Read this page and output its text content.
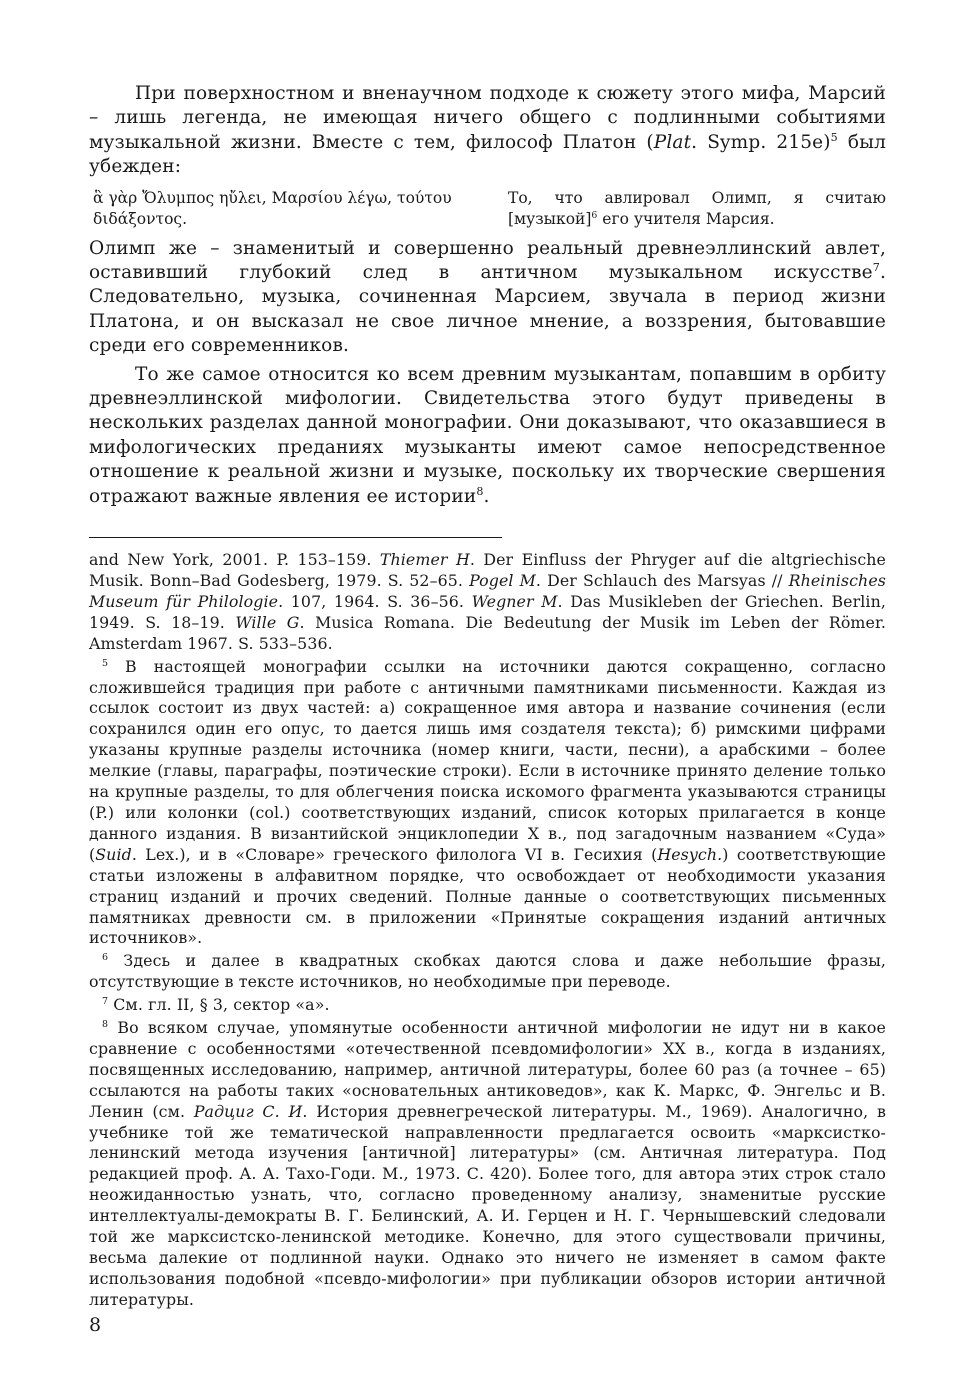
При поверхностном и вненаучном подходе к сюжету этого мифа, Марсий – лишь легенда, не имеющая ничего общего с подлинными событиями музыкальной жизни. Вместе с тем, философ Платон (Plat. Symp. 215e)$^5$ был убежден:

ἃ γὰρ Ὄλυμπος ηὔλει, Μαρσίου λέγω, τούτου διδάξοντος.
То, что авлировал Олимп, я считаю [музыкой]$^6$ его учителя Марсия.

Олимп же – знаменитый и совершенно реальный древнеэллинский авлет, оставивший глубокий след в античном музыкальном искусстве$^7$. Следовательно, музыка, сочиненная Марсием, звучала в период жизни Платона, и он высказал не свое личное мнение, а воззрения, бытовавшие среди его современников.

То же самое относится ко всем древним музыкантам, попавшим в орбиту древнеэллинской мифологии. Свидетельства этого будут приведены в нескольких разделах данной монографии. Они доказывают, что оказавшиеся в мифологических преданиях музыканты имеют самое непосредственное отношение к реальной жизни и музыке, поскольку их творческие свершения отражают важные явления ее истории$^8$.

and New York, 2001. P. 153–159. Thiemer H. Der Einfluss der Phryger auf die altgriechische Musik. Bonn–Bad Godesberg, 1979. S. 52–65. Pogel M. Der Schlauch des Marsyas // Rheinisches Museum für Philologie. 107, 1964. S. 36–56. Wegner M. Das Musikleben der Griechen. Berlin, 1949. S. 18–19. Wille G. Musica Romana. Die Bedeutung der Musik im Leben der Römer. Amsterdam 1967. S. 533–536.

$^5$ В настоящей монографии ссылки на источники даются сокращенно, согласно сложившейся традиция при работе с античными памятниками письменности. Каждая из ссылок состоит из двух частей: а) сокращенное имя автора и название сочинения (если сохранился один его опус, то дается лишь имя создателя текста); б) римскими цифрами указаны крупные разделы источника (номер книги, части, песни), а арабскими – более мелкие (главы, параграфы, поэтические строки). Если в источнике принято деление только на крупные разделы, то для облегчения поиска искомого фрагмента указываются страницы (P.) или колонки (col.) соответствующих изданий, список которых прилагается в конце данного издания. В византийской энциклопедии X в., под загадочным названием «Суда» (Suid. Lex.), и в «Словаре» греческого филолога VI в. Гесихия (Hesych.) соответствующие статьи изложены в алфавитном порядке, что освобождает от необходимости указания страниц изданий и прочих сведений. Полные данные о соответствующих письменных памятниках древности см. в приложении «Принятые сокращения изданий античных источников».

$^6$ Здесь и далее в квадратных скобках даются слова и даже небольшие фразы, отсутствующие в тексте источников, но необходимые при переводе.

$^7$ См. гл. II, § 3, сектор «а».

$^8$ Во всяком случае, упомянутые особенности античной мифологии не идут ни в какое сравнение с особенностями «отечественной псевдомифологии» XX в., когда в изданиях, посвященных исследованию, например, античной литературы, более 60 раз (а точнее – 65) ссылаются на работы таких «основательных антиковедов», как К. Маркс, Ф. Энгельс и В. Ленин (см. Радциг С. И. История древнегреческой литературы. М., 1969). Аналогично, в учебнике той же тематической направленности предлагается освоить «марксистко-ленинский метода изучения [античной] литературы» (см. Античная литература. Под редакцией проф. А. А. Тахо-Годи. М., 1973. С. 420). Более того, для автора этих строк стало неожиданностью узнать, что, согласно проведенному анализу, знаменитые русские интеллектуалы-демократы В. Г. Белинский, А. И. Герцен и Н. Г. Чернышевский следовали той же марксистско-ленинской методике. Конечно, для этого существовали причины, весьма далекие от подлинной науки. Однако это ничего не изменяет в самом факте использования подобной «псевдо-мифологии» при публикации обзоров истории античной литературы.

8
